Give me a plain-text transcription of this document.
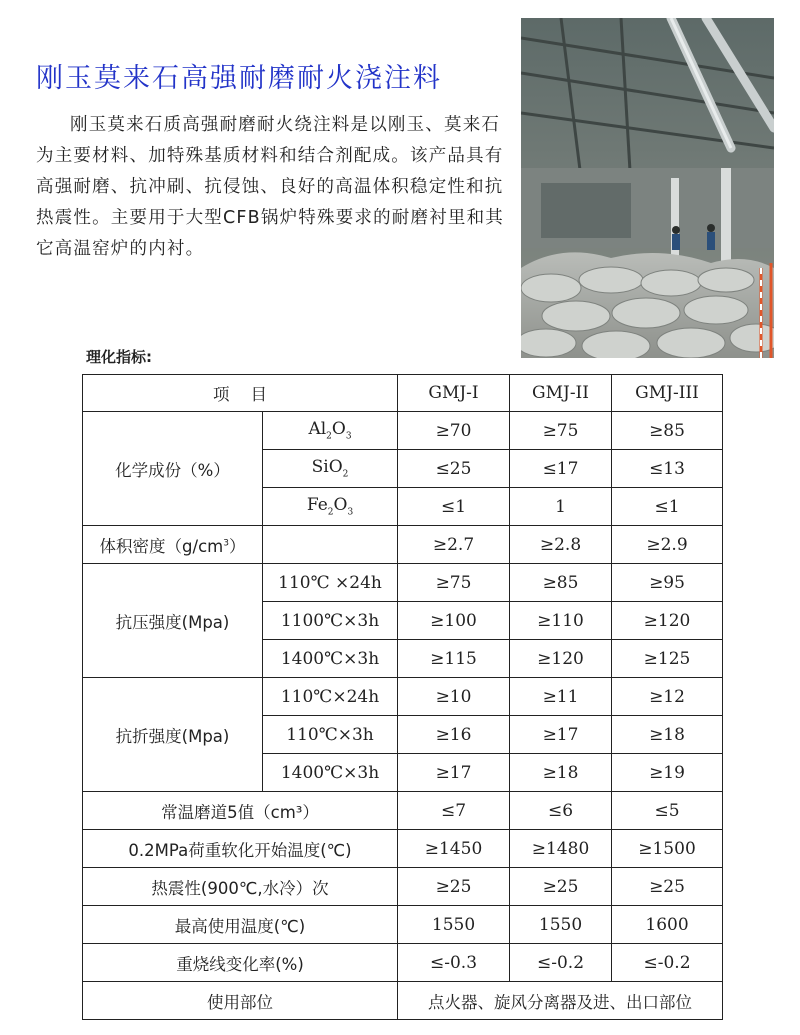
刚玉莫来石高强耐磨耐火浇注料

刚玉莫来石质高强耐磨耐火绕注料是以刚玉、莫来石为主要材料、加特殊基质材料和结合剂配成。该产品具有高强耐磨、抗冲刷、抗侵蚀、良好的高温体积稳定性和抗热震性。主要用于大型CFB锅炉特殊要求的耐磨衬里和其它高温窑炉的内衬。

理化指标:
项    目		GMJ-I	GMJ-II	GMJ-III
化学成份（%）	$Al_2O_3$	≥70	≥75	≥85
	SiO$_2$	≤25	≤17	≤13
	$Fe_2O_3$	≤1	1	≤1
体积密度$(g/cm^3)$		≥2.7	≥2.8	≥2.9
抗压强度(Mpa)	110℃ ×24h	≥75	≥85	≥95
	1100℃×3h	≥100	≥110	≥120
	1400℃×3h	≥115	≥120	≥125
抗折强度(Mpa)	110℃×24h	≥10	≥11	≥12
	110℃×3h	≥16	≥17	≥18
	1400℃×3h	≥17	≥18	≥19
常温磨道5值（cm³）		≤7	≤6	≤5
0.2MPa荷重软化开始温度(℃)		≥1450	≥1480	≥1500
热震性(900℃,水冷）次		≥25	≥25	≥25
最高使用温度(℃)		1550	1550	1600
重烧线变化率(%)		≤-0.3	≤-0.2	≤-0.2
使用部位		点火器、旋风分离器及进、出口部位		
